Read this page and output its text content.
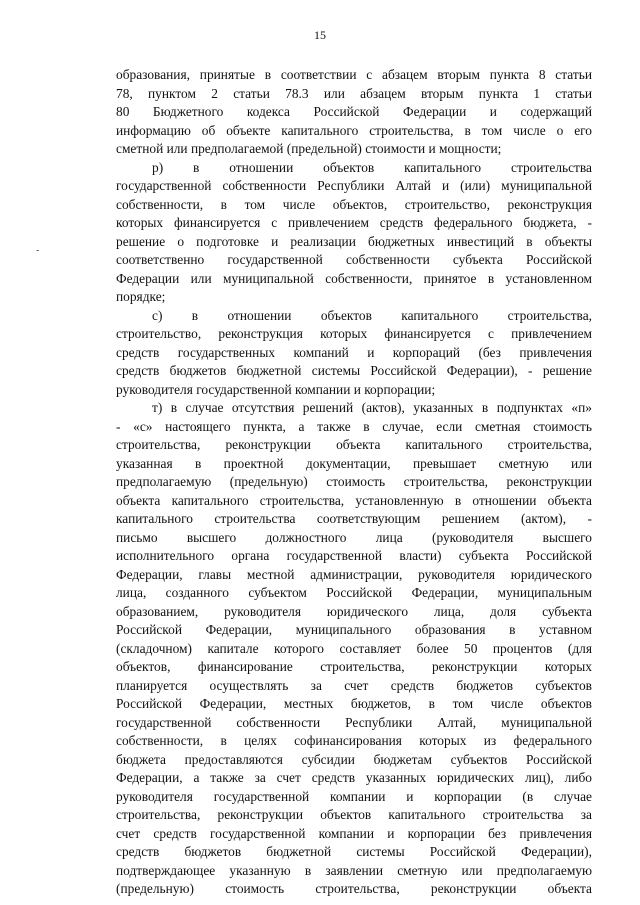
15
-
образования, принятые в соответствии с абзацем вторым пункта 8 статьи
78, пунктом 2 статьи 78.3 или абзацем вторым пункта 1 статьи
80 Бюджетного кодекса Российской Федерации и содержащий
информацию об объекте капитального строительства, в том числе о его
сметной или предполагаемой (предельной) стоимости и мощности;
р) в отношении объектов капитального строительства
государственной собственности Республики Алтай и (или) муниципальной
собственности, в том числе объектов, строительство, реконструкция
которых финансируется с привлечением средств федерального бюджета, -
решение о подготовке и реализации бюджетных инвестиций в объекты
соответственно государственной собственности субъекта Российской
Федерации или муниципальной собственности, принятое в установленном
порядке;
с) в отношении объектов капитального строительства,
строительство, реконструкция которых финансируется с привлечением
средств государственных компаний и корпораций (без привлечения
средств бюджетов бюджетной системы Российской Федерации), - решение
руководителя государственной компании и корпорации;
т) в случае отсутствия решений (актов), указанных в подпунктах «п»
- «с» настоящего пункта, а также в случае, если сметная стоимость
строительства, реконструкции объекта капитального строительства,
указанная в проектной документации, превышает сметную или
предполагаемую (предельную) стоимость строительства, реконструкции
объекта капитального строительства, установленную в отношении объекта
капитального строительства соответствующим решением (актом), -
письмо высшего должностного лица (руководителя высшего
исполнительного органа государственной власти) субъекта Российской
Федерации, главы местной администрации, руководителя юридического
лица, созданного субъектом Российской Федерации, муниципальным
образованием, руководителя юридического лица, доля субъекта
Российской Федерации, муниципального образования в уставном
(складочном) капитале которого составляет более 50 процентов (для
объектов, финансирование строительства, реконструкции которых
планируется осуществлять за счет средств бюджетов субъектов
Российской Федерации, местных бюджетов, в том числе объектов
государственной собственности Республики Алтай, муниципальной
собственности, в целях софинансирования которых из федерального
бюджета предоставляются субсидии бюджетам субъектов Российской
Федерации, а также за счет средств указанных юридических лиц), либо
руководителя государственной компании и корпорации (в случае
строительства, реконструкции объектов капитального строительства за
счет средств государственной компании и корпорации без привлечения
средств бюджетов бюджетной системы Российской Федерации),
подтверждающее указанную в заявлении сметную или предполагаемую
(предельную) стоимость строительства, реконструкции объекта
